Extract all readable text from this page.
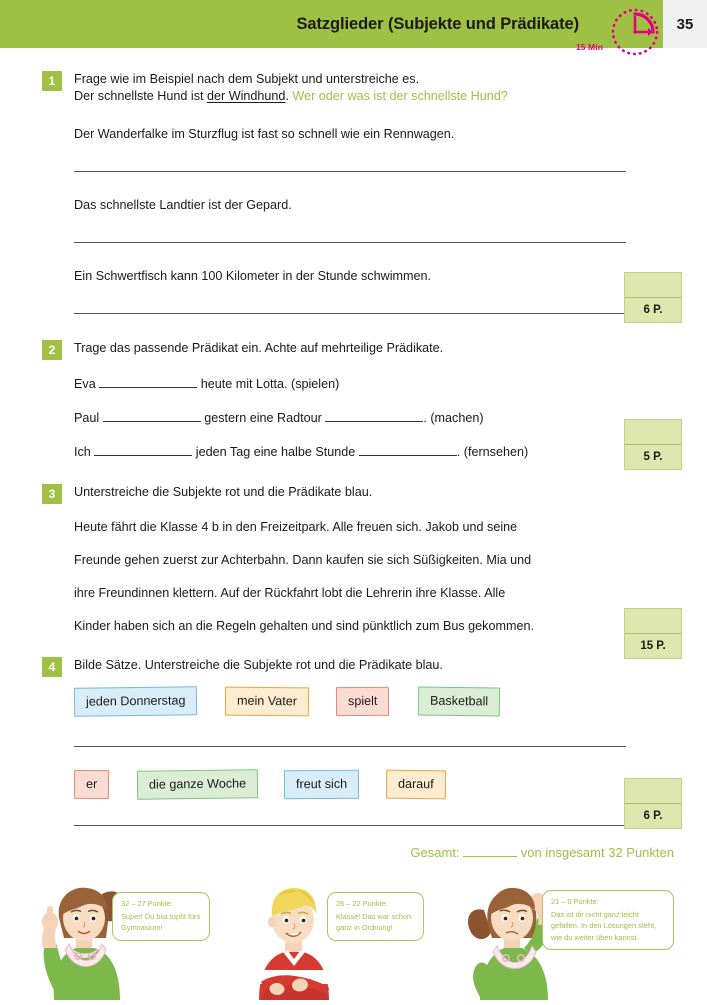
Satzglieder (Subjekte und Prädikate)	35
15 Min
1	Frage wie im Beispiel nach dem Subjekt und unterstreiche es.
Der schnellste Hund ist der Windhund. Wer oder was ist der schnellste Hund?
Der Wanderfalke im Sturzflug ist fast so schnell wie ein Rennwagen.
Das schnellste Landtier ist der Gepard.
Ein Schwertfisch kann 100 Kilometer in der Stunde schwimmen.
6 P.
2	Trage das passende Prädikat ein. Achte auf mehrteilige Prädikate.
Eva	heute mit Lotta. (spielen)
Paul	gestern eine Radtour	. (machen)
Ich	jeden Tag eine halbe Stunde	. (fernsehen)	5 P.
3	Unterstreiche die Subjekte rot und die Prädikate blau.
Heute fährt die Klasse 4 b in den Freizeitpark. Alle freuen sich. Jakob und seine
Freunde gehen zuerst zur Achterbahn. Dann kaufen sie sich Süßigkeiten. Mia und
ihre Freundinnen klettern. Auf der Rückfahrt lobt die Lehrerin ihre Klasse. Alle
Kinder haben sich an die Regeln gehalten und sind pünktlich zum Bus gekommen.
15 P.
4	Bilde Sätze. Unterstreiche die Subjekte rot und die Prädikate blau.
jeden Donnerstag	mein Vater	spielt	Basketball
er	die ganze Woche	freut sich	darauf
6 P.
Gesamt:	von insgesamt 32 Punkten
32 – 27 Punkte:
Super! Du bist topfit fürs Gymnasium!
26 – 22 Punkte:
Klasse! Das war schon ganz in Ordnung!
21 – 0 Punkte:
Das ist dir nicht ganz leicht gefallen. In den Lösungen steht, wie du weiter üben kannst.
